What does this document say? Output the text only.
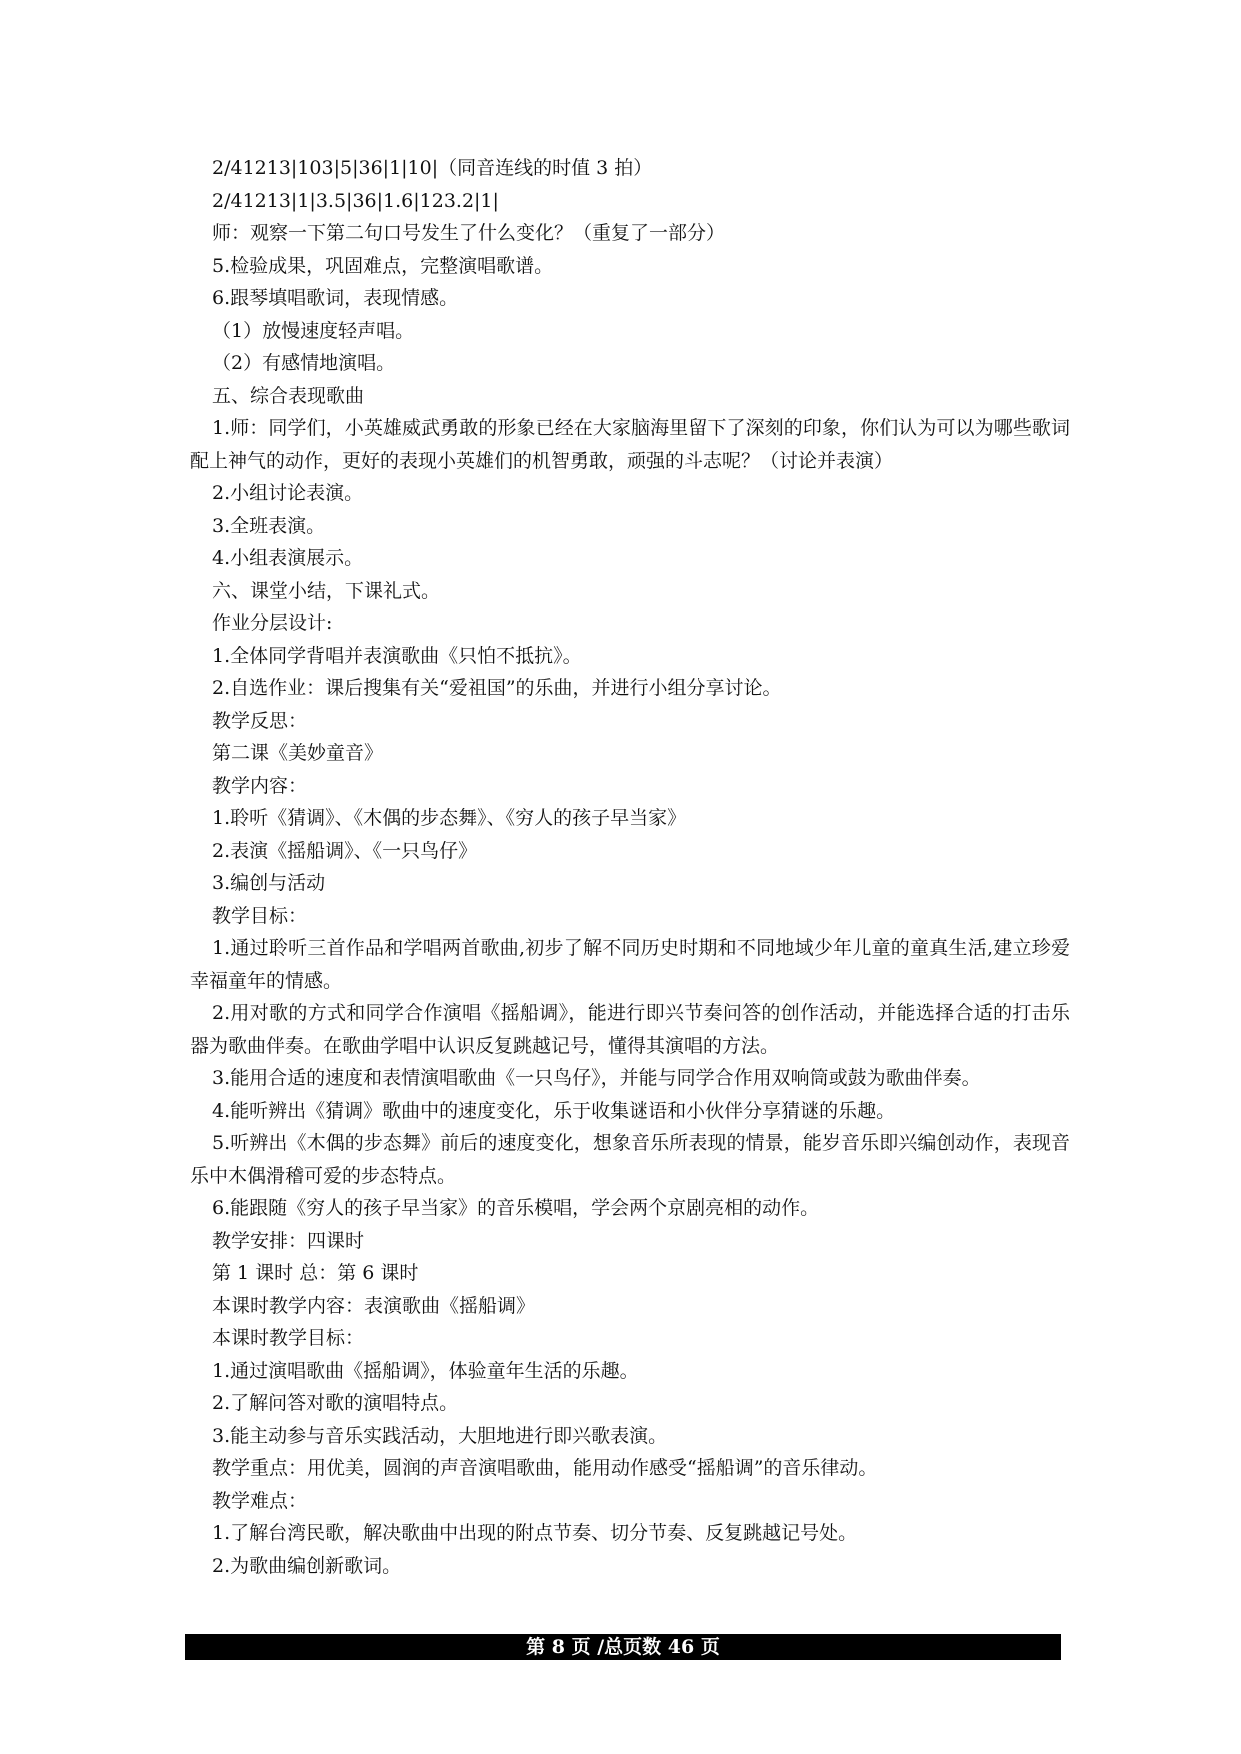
2/41213|103|5|36|1|10|（同音连线的时值 3 拍）
2/41213|1|3.5|36|1.6|123.2|1|
师：观察一下第二句口号发生了什么变化？（重复了一部分）
5.检验成果，巩固难点，完整演唱歌谱。
6.跟琴填唱歌词，表现情感。
（1）放慢速度轻声唱。
（2）有感情地演唱。
五、综合表现歌曲
1.师：同学们，小英雄威武勇敢的形象已经在大家脑海里留下了深刻的印象，你们认为可以为哪些歌词配上神气的动作，更好的表现小英雄们的机智勇敢，顽强的斗志呢？（讨论并表演）
2.小组讨论表演。
3.全班表演。
4.小组表演展示。
六、课堂小结，下课礼式。
作业分层设计:
1.全体同学背唱并表演歌曲《只怕不抵抗》。
2.自选作业：课后搜集有关“爱祖国”的乐曲，并进行小组分享讨论。
教学反思：
第二课《美妙童音》
教学内容：
1.聆听《猜调》、《木偶的步态舞》、《穷人的孩子早当家》
2.表演《摇船调》、《一只鸟仔》
3.编创与活动
教学目标：
1.通过聆听三首作品和学唱两首歌曲,初步了解不同历史时期和不同地域少年儿童的童真生活,建立珍爱幸福童年的情感。
2.用对歌的方式和同学合作演唱《摇船调》，能进行即兴节奏问答的创作活动，并能选择合适的打击乐器为歌曲伴奏。在歌曲学唱中认识反复跳越记号，懂得其演唱的方法。
3.能用合适的速度和表情演唱歌曲《一只鸟仔》，并能与同学合作用双响筒或鼓为歌曲伴奏。
4.能听辨出《猜调》歌曲中的速度变化，乐于收集谜语和小伙伴分享猜谜的乐趣。
5.听辨出《木偶的步态舞》前后的速度变化，想象音乐所表现的情景，能岁音乐即兴编创动作，表现音乐中木偶滑稽可爱的步态特点。
6.能跟随《穷人的孩子早当家》的音乐模唱，学会两个京剧亮相的动作。
教学安排：四课时
第 1 课时 总：第 6 课时
本课时教学内容：表演歌曲《摇船调》
本课时教学目标：
1.通过演唱歌曲《摇船调》，体验童年生活的乐趣。
2.了解问答对歌的演唱特点。
3.能主动参与音乐实践活动，大胆地进行即兴歌表演。
教学重点：用优美，圆润的声音演唱歌曲，能用动作感受“摇船调”的音乐律动。
教学难点：
1.了解台湾民歌，解决歌曲中出现的附点节奏、切分节奏、反复跳越记号处。
2.为歌曲编创新歌词。
第 8 页 /总页数 46 页
